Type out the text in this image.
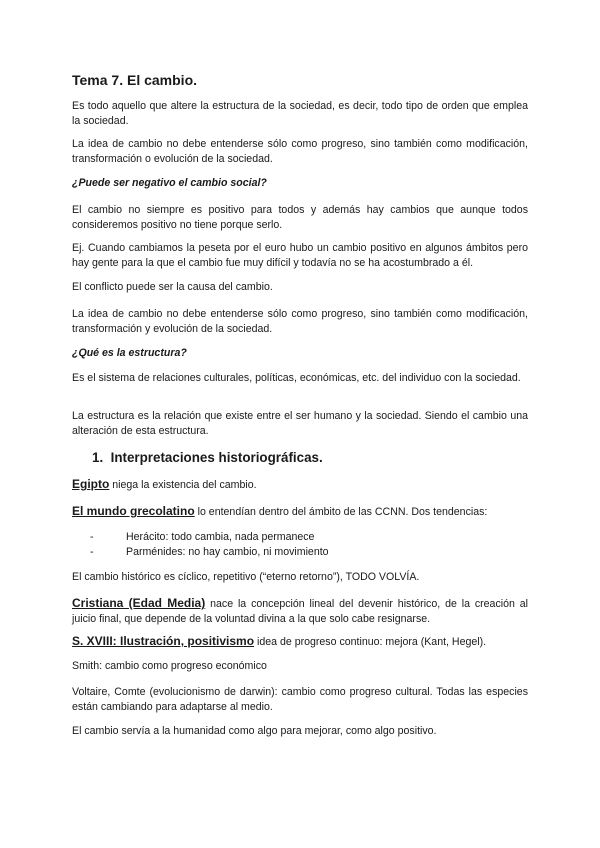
Tema 7. El cambio.

Es todo aquello que altere la estructura de la sociedad, es decir, todo tipo de orden que emplea la sociedad.

La idea de cambio no debe entenderse sólo como progreso, sino también como modificación, transformación o evolución de la sociedad.

¿Puede ser negativo el cambio social?

El cambio no siempre es positivo para todos y además hay cambios que aunque todos consideremos positivo no tiene porque serlo.

Ej. Cuando cambiamos la peseta por el euro hubo un cambio positivo en algunos ámbitos pero hay gente para la que el cambio fue muy difícil y todavía no se ha acostumbrado a él.

El conflicto puede ser la causa del cambio.

La idea de cambio no debe entenderse sólo como progreso, sino también como modificación, transformación y evolución de la sociedad.

¿Qué es la estructura?

Es el sistema de relaciones culturales, políticas, económicas, etc. del individuo con la sociedad.

La estructura es la relación que existe entre el ser humano y la sociedad. Siendo el cambio una alteración de esta estructura.

1.  Interpretaciones historiográficas.

Egipto niega la existencia del cambio.

El mundo grecolatino lo entendían dentro del ámbito de las CCNN. Dos tendencias:

-	Herácito: todo cambia, nada permanece
-	Parménides: no hay cambio, ni movimiento

El cambio histórico es cíclico, repetitivo (“eterno retorno”), TODO VOLVÍA.

Cristiana (Edad Media) nace la concepción lineal del devenir histórico, de la creación al juicio final, que depende de la voluntad divina a la que solo cabe resignarse.

S. XVIII: Ilustración, positivismo idea de progreso continuo: mejora (Kant, Hegel).

Smith: cambio como progreso económico

Voltaire, Comte (evolucionismo de darwin): cambio como progreso cultural. Todas las especies están cambiando para adaptarse al medio.

El cambio servía a la humanidad como algo para mejorar, como algo positivo.
